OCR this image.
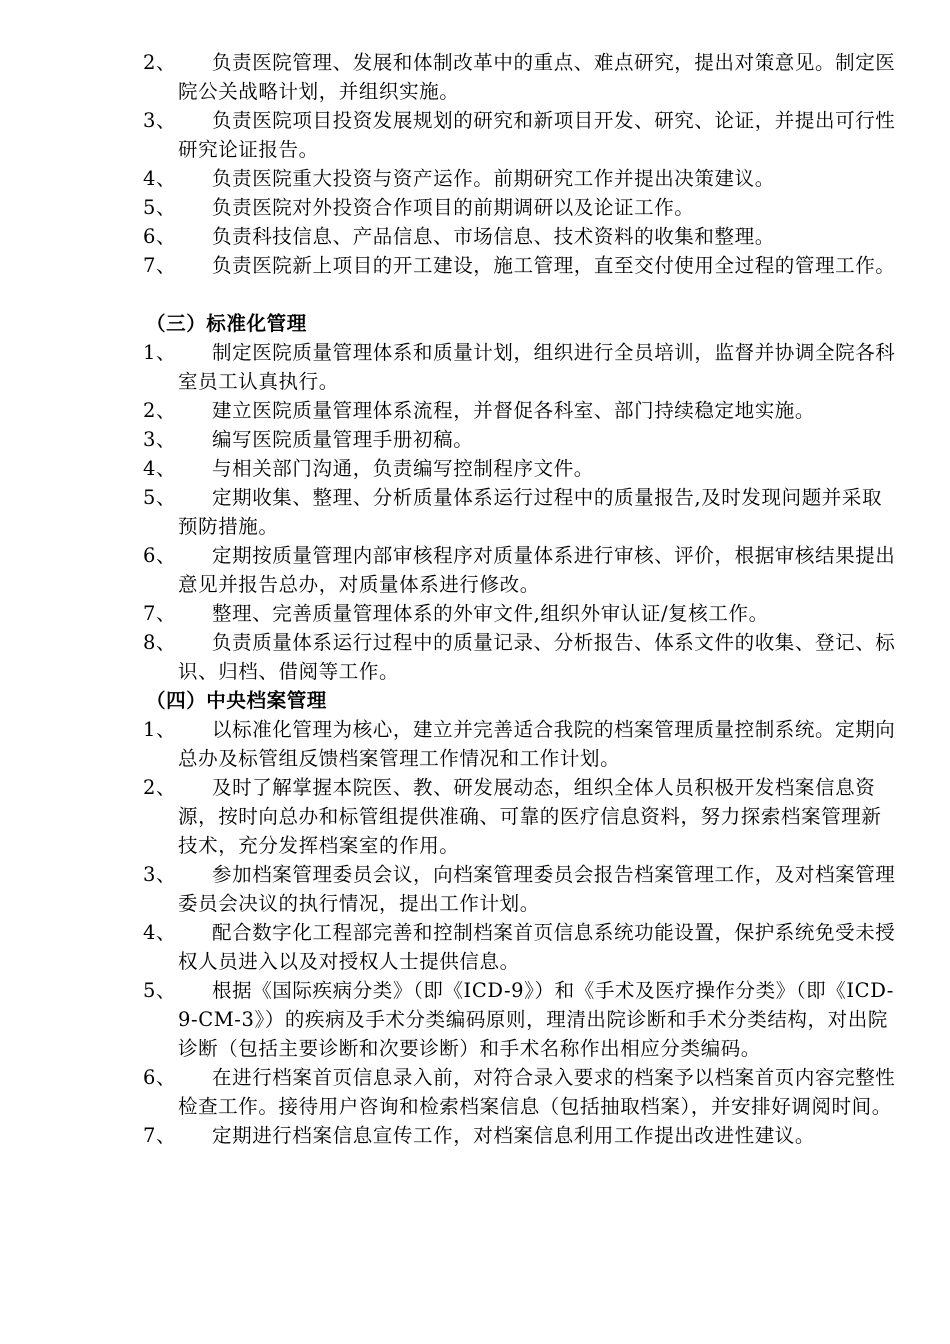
2、	负责医院管理、发展和体制改革中的重点、难点研究，提出对策意见。制定医院公关战略计划，并组织实施。
3、	负责医院项目投资发展规划的研究和新项目开发、研究、论证，并提出可行性研究论证报告。
4、	负责医院重大投资与资产运作。前期研究工作并提出决策建议。
5、	负责医院对外投资合作项目的前期调研以及论证工作。
6、	负责科技信息、产品信息、市场信息、技术资料的收集和整理。
7、	负责医院新上项目的开工建设，施工管理，直至交付使用全过程的管理工作。
（三）标准化管理
1、	制定医院质量管理体系和质量计划，组织进行全员培训，监督并协调全院各科室员工认真执行。
2、	建立医院质量管理体系流程，并督促各科室、部门持续稳定地实施。
3、	编写医院质量管理手册初稿。
4、	与相关部门沟通，负责编写控制程序文件。
5、	定期收集、整理、分析质量体系运行过程中的质量报告,及时发现问题并采取预防措施。
6、	定期按质量管理内部审核程序对质量体系进行审核、评价，根据审核结果提出意见并报告总办，对质量体系进行修改。
7、	整理、完善质量管理体系的外审文件,组织外审认证/复核工作。
8、	负责质量体系运行过程中的质量记录、分析报告、体系文件的收集、登记、标识、归档、借阅等工作。
（四）中央档案管理
1、	以标准化管理为核心，建立并完善适合我院的档案管理质量控制系统。定期向总办及标管组反馈档案管理工作情况和工作计划。
2、	及时了解掌握本院医、教、研发展动态，组织全体人员积极开发档案信息资源，按时向总办和标管组提供准确、可靠的医疗信息资料，努力探索档案管理新技术，充分发挥档案室的作用。
3、	参加档案管理委员会议，向档案管理委员会报告档案管理工作，及对档案管理委员会决议的执行情况，提出工作计划。
4、	配合数字化工程部完善和控制档案首页信息系统功能设置，保护系统免受未授权人员进入以及对授权人士提供信息。
5、	根据《国际疾病分类》（即《ICD-9》）和《手术及医疗操作分类》（即《ICD-9-CM-3》）的疾病及手术分类编码原则，理清出院诊断和手术分类结构，对出院诊断（包括主要诊断和次要诊断）和手术名称作出相应分类编码。
6、	在进行档案首页信息录入前，对符合录入要求的档案予以档案首页内容完整性检查工作。接待用户咨询和检索档案信息（包括抽取档案），并安排好调阅时间。
7、	定期进行档案信息宣传工作，对档案信息利用工作提出改进性建议。
